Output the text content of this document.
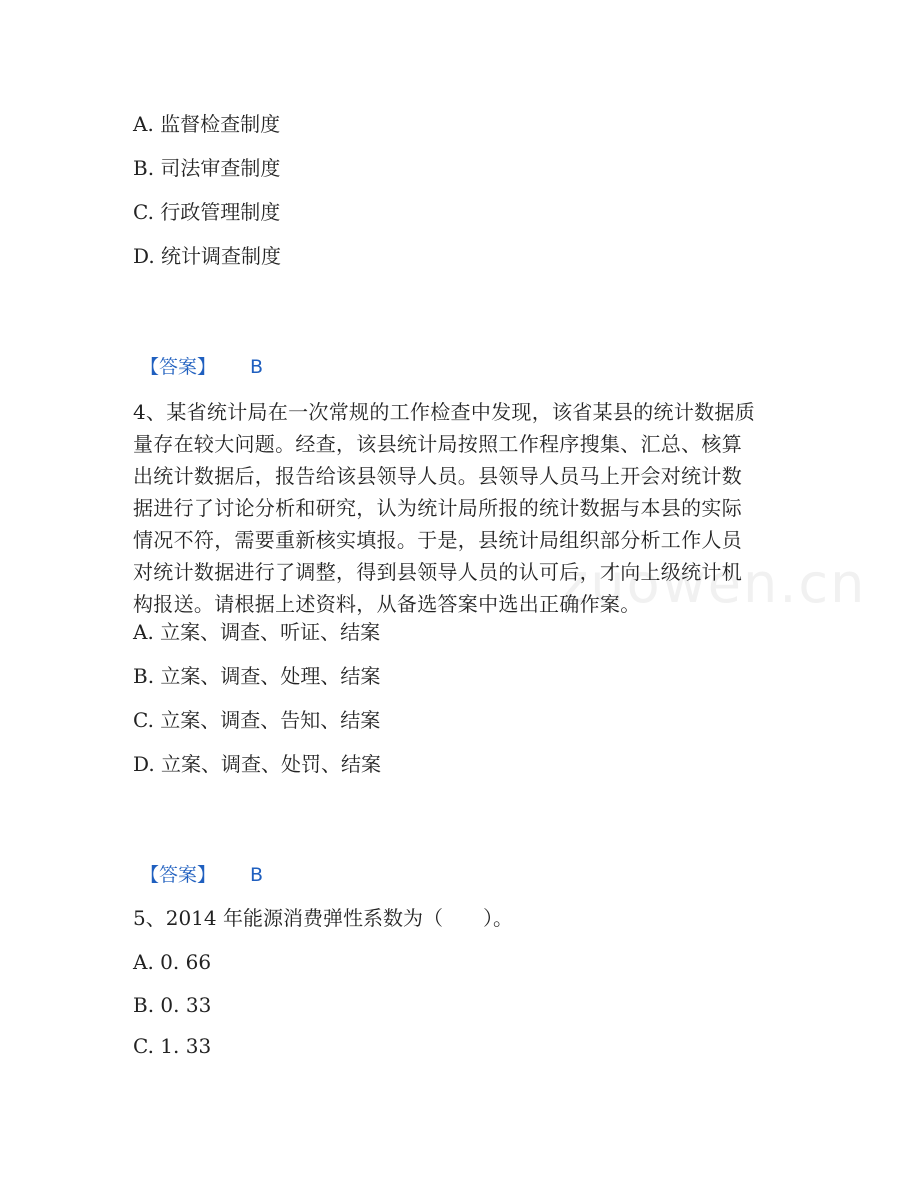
zuowen.cn
A. 监督检查制度
B. 司法审查制度
C. 行政管理制度
D. 统计调查制度
【答案】 B
4、某省统计局在一次常规的工作检查中发现，该省某县的统计数据质
量存在较大问题。经查，该县统计局按照工作程序搜集、汇总、核算
出统计数据后，报告给该县领导人员。县领导人员马上开会对统计数
据进行了讨论分析和研究，认为统计局所报的统计数据与本县的实际
情况不符，需要重新核实填报。于是，县统计局组织部分析工作人员
对统计数据进行了调整，得到县领导人员的认可后，才向上级统计机
构报送。请根据上述资料，从备选答案中选出正确作案。
A. 立案、调查、听证、结案
B. 立案、调查、处理、结案
C. 立案、调查、告知、结案
D. 立案、调查、处罚、结案
【答案】 B
5、2014 年能源消费弹性系数为（　　）。
A. 0. 66
B. 0. 33
C. 1. 33
